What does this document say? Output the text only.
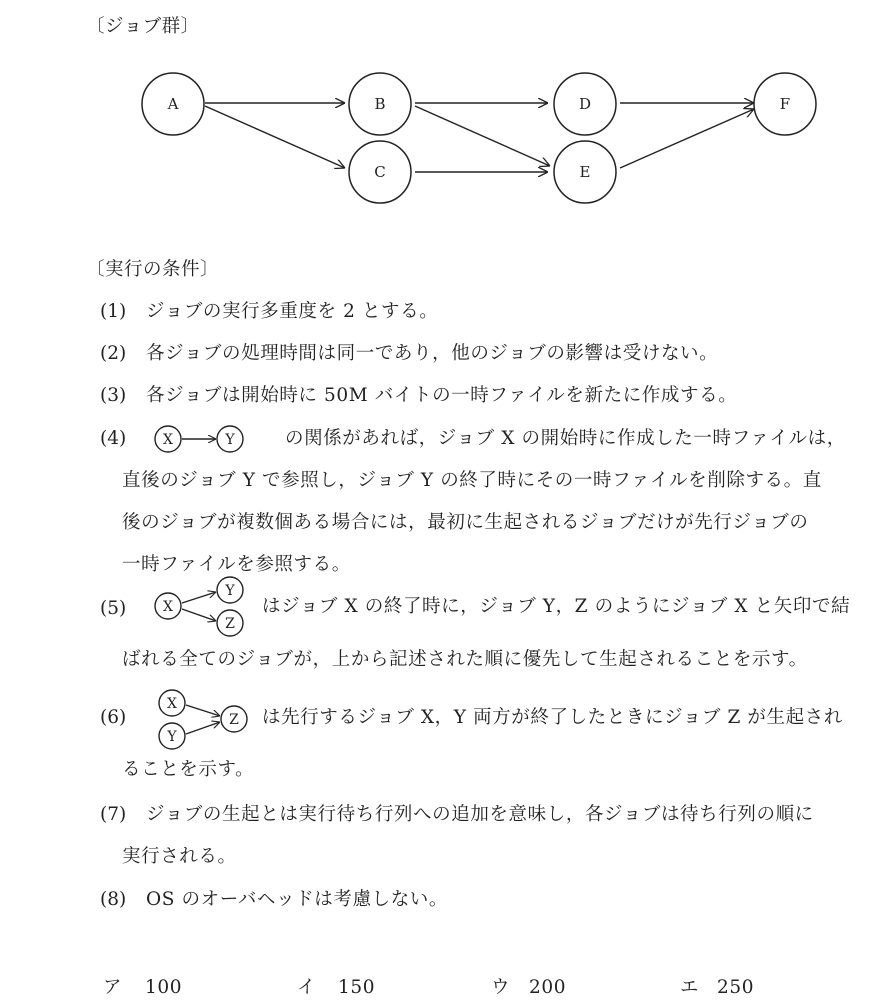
〔ジョブ群〕
A	B
C
D
E
F
〔実行の条件〕
(1) ジョブの実行多重度を 2 とする。
(2) 各ジョブの処理時間は同一であり，他のジョブの影響は受けない。
(3) 各ジョブは開始時に 50M バイトの一時ファイルを新たに作成する。
(4)	X	Y	の関係があれば，ジョブ X の開始時に作成した一時ファイルは，
直後のジョブ Y で参照し，ジョブ Y の終了時にその一時ファイルを削除する。直
後のジョブが複数個ある場合には，最初に生起されるジョブだけが先行ジョブの
一時ファイルを参照する。
(5)	X
Y
Z
はジョブ X の終了時に，ジョブ Y，Z のようにジョブ X と矢印で結
ばれる全てのジョブが，上から記述された順に優先して生起されることを示す。
(6)
X
Y
Z は先行するジョブ X，Y 両方が終了したときにジョブ Z が生起され
ることを示す。
(7) ジョブの生起とは実行待ち行列への追加を意味し，各ジョブは待ち行列の順に
実行される。
(8) OS のオーバヘッドは考慮しない。
ア 100	イ 150	ウ 200	エ 250
